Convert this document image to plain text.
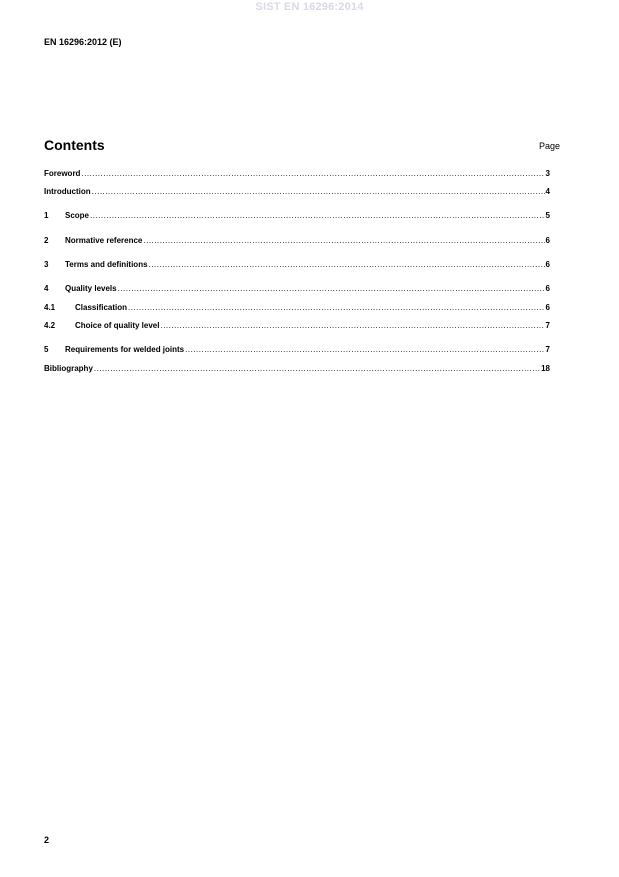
SIST EN 16296:2014
EN 16296:2012 (E)
Contents	Page
Foreword .....	3
Introduction .....	4
1	Scope .....	5
2	Normative reference .....	6
3	Terms and definitions .....	6
4	Quality levels .....	6
4.1	Classification .....	6
4.2	Choice of quality level .....	7
5	Requirements for welded joints .....	7
Bibliography .....	18
2
